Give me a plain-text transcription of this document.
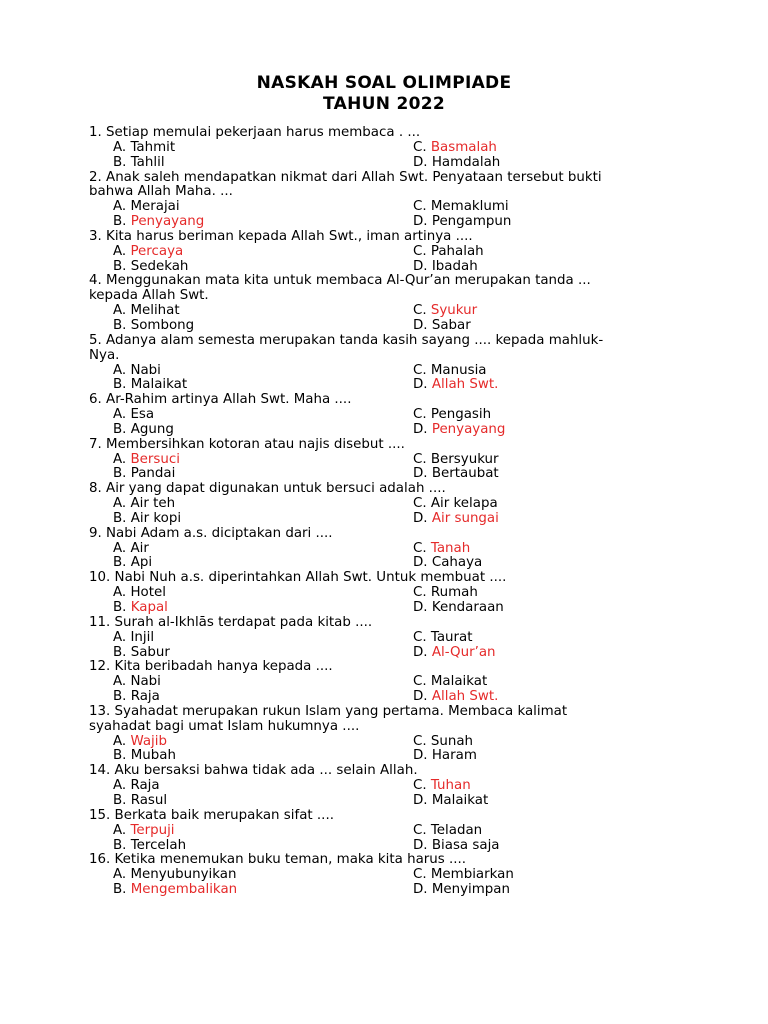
NASKAH SOAL OLIMPIADE
TAHUN 2022
1. Setiap memulai pekerjaan harus membaca . ...
A. Tahmit	C. Basmalah
B. Tahlil	D. Hamdalah
2. Anak saleh mendapatkan nikmat dari Allah Swt. Penyataan tersebut bukti
bahwa Allah Maha. ...
A. Merajai	C. Memaklumi
B. Penyayang	D. Pengampun
3. Kita harus beriman kepada Allah Swt., iman artinya ....
A. Percaya	C. Pahalah
B. Sedekah	D. Ibadah
4. Menggunakan mata kita untuk membaca Al-Qur’an merupakan tanda ...
kepada Allah Swt.
A. Melihat	C. Syukur
B. Sombong	D. Sabar
5. Adanya alam semesta merupakan tanda kasih sayang .... kepada mahluk-
Nya.
A. Nabi	C. Manusia
B. Malaikat	D. Allah Swt.
6. Ar-Rahim artinya Allah Swt. Maha ....
A. Esa	C. Pengasih
B. Agung	D. Penyayang
7. Membersihkan kotoran atau najis disebut ....
A. Bersuci	C. Bersyukur
B. Pandai	D. Bertaubat
8. Air yang dapat digunakan untuk bersuci adalah ....
A. Air teh	C. Air kelapa
B. Air kopi	D. Air sungai
9. Nabi Adam a.s. diciptakan dari ....
A. Air	C. Tanah
B. Api	D. Cahaya
10. Nabi Nuh a.s. diperintahkan Allah Swt. Untuk membuat ....
A. Hotel	C. Rumah
B. Kapal	D. Kendaraan
11. Surah al-Ikhlās terdapat pada kitab ....
A. Injil	C. Taurat
B. Sabur	D. Al-Qur’an
12. Kita beribadah hanya kepada ....
A. Nabi	C. Malaikat
B. Raja	D. Allah Swt.
13. Syahadat merupakan rukun Islam yang pertama. Membaca kalimat
syahadat bagi umat Islam hukumnya ....
A. Wajib	C. Sunah
B. Mubah	D. Haram
14. Aku bersaksi bahwa tidak ada ... selain Allah.
A. Raja	C. Tuhan
B. Rasul	D. Malaikat
15. Berkata baik merupakan sifat ....
A. Terpuji	C. Teladan
B. Tercelah	D. Biasa saja
16. Ketika menemukan buku teman, maka kita harus ....
A. Menyubunyikan	C. Membiarkan
B. Mengembalikan	D. Menyimpan
